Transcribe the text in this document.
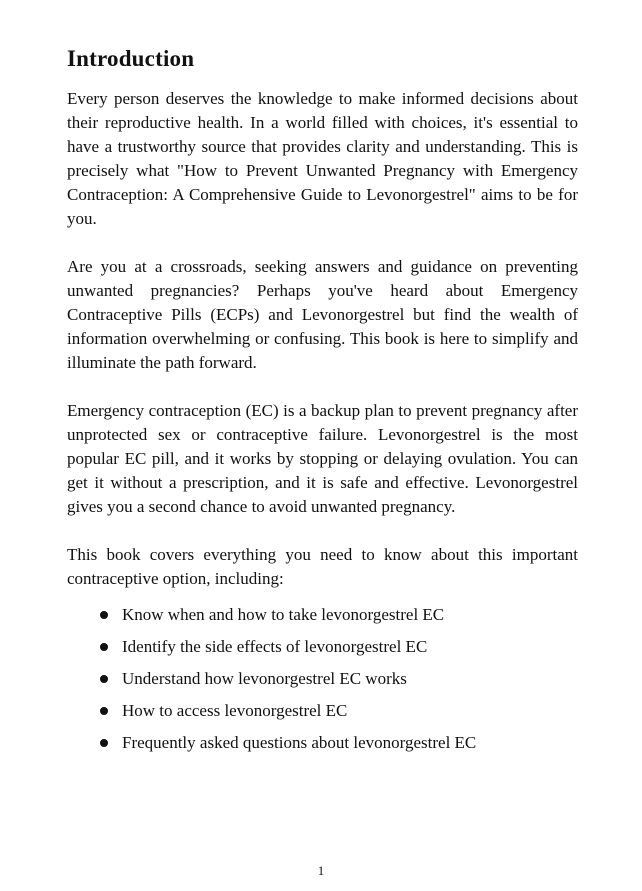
Introduction

Every person deserves the knowledge to make informed decisions about their reproductive health. In a world filled with choices, it's essential to have a trustworthy source that provides clarity and understanding. This is precisely what "How to Prevent Unwanted Pregnancy with Emergency Contraception: A Comprehensive Guide to Levonorgestrel" aims to be for you.

Are you at a crossroads, seeking answers and guidance on preventing unwanted pregnancies? Perhaps you've heard about Emergency Contraceptive Pills (ECPs) and Levonorgestrel but find the wealth of information overwhelming or confusing. This book is here to simplify and illuminate the path forward.

Emergency contraception (EC) is a backup plan to prevent pregnancy after unprotected sex or contraceptive failure. Levonorgestrel is the most popular EC pill, and it works by stopping or delaying ovulation. You can get it without a prescription, and it is safe and effective. Levonorgestrel gives you a second chance to avoid unwanted pregnancy.

This book covers everything you need to know about this important contraceptive option, including:

Know when and how to take levonorgestrel EC
Identify the side effects of levonorgestrel EC
Understand how levonorgestrel EC works
How to access levonorgestrel EC
Frequently asked questions about levonorgestrel EC
1
